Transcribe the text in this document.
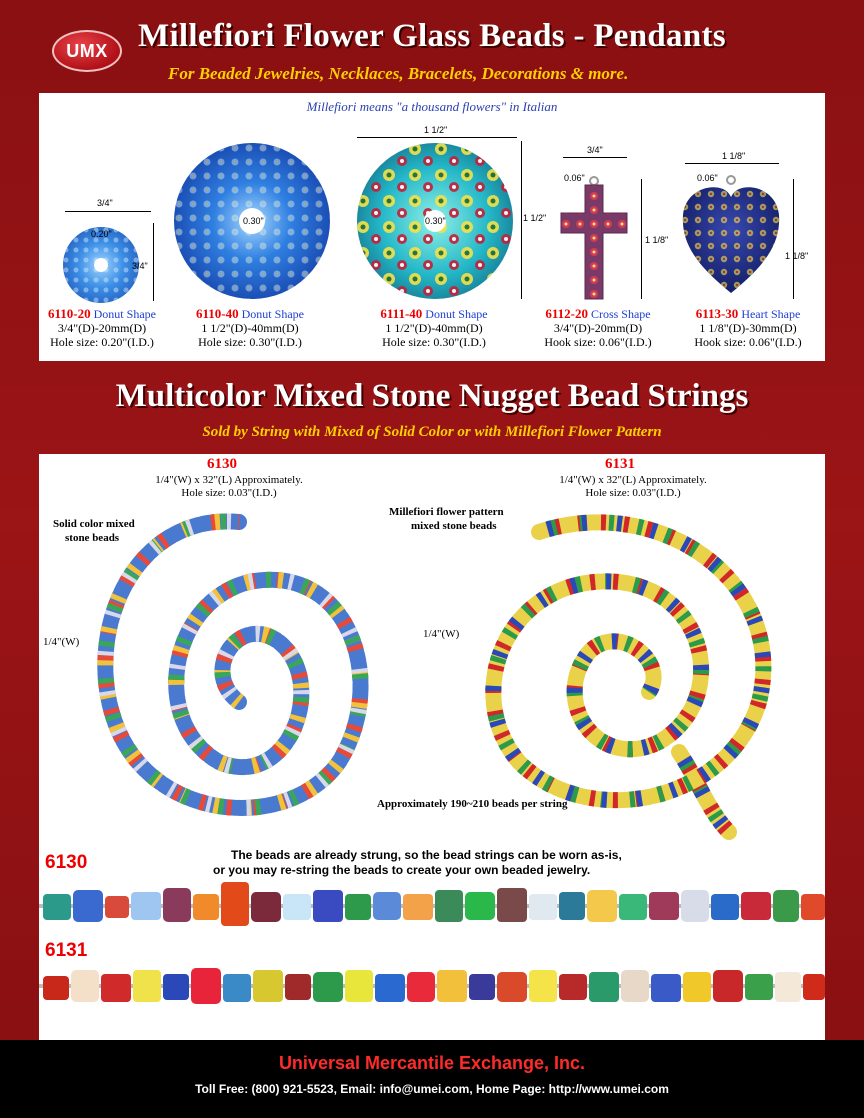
UMX Millefiori Flower Glass Beads - Pendants
For Beaded Jewelries, Necklaces, Bracelets, Decorations & more.
Millefiori means "a thousand flowers" in Italian
0.20"
3/4"
3/4"
0.30"	0.30"
1 1/2"
1 1/2"
3/4"
0.06"
1 1/8"
1 1/8"
0.06"
1 1/8"
6110-20 Donut Shape
3/4"(D)-20mm(D)
Hole size: 0.20"(I.D.)
6110-40 Donut Shape
1 1/2"(D)-40mm(D)
Hole size: 0.30"(I.D.)
6111-40 Donut Shape
1 1/2"(D)-40mm(D)
Hole size: 0.30"(I.D.)
6112-20 Cross Shape
3/4"(D)-20mm(D)
Hook size: 0.06"(I.D.)
6113-30 Heart Shape
1 1/8"(D)-30mm(D)
Hook size: 0.06"(I.D.)
Multicolor Mixed Stone Nugget Bead Strings
Sold by String with Mixed of Solid Color or with Millefiori Flower Pattern
6130
1/4"(W) x 32"(L) Approximately.
Hole size: 0.03"(I.D.)
Solid color mixed
stone beads
1/4"(W)
6131
1/4"(W) x 32"(L) Approximately.
Hole size: 0.03"(I.D.)
Millefiori flower pattern
mixed stone beads
1/4"(W)
Approximately 190~210 beads per string
The beads are already strung, so the bead strings can be worn as-is,
or you may re-string the beads to create your own beaded jewelry.
6130
6131
Universal Mercantile Exchange, Inc.
Toll Free: (800) 921-5523, Email: info@umei.com, Home Page: http://www.umei.com
